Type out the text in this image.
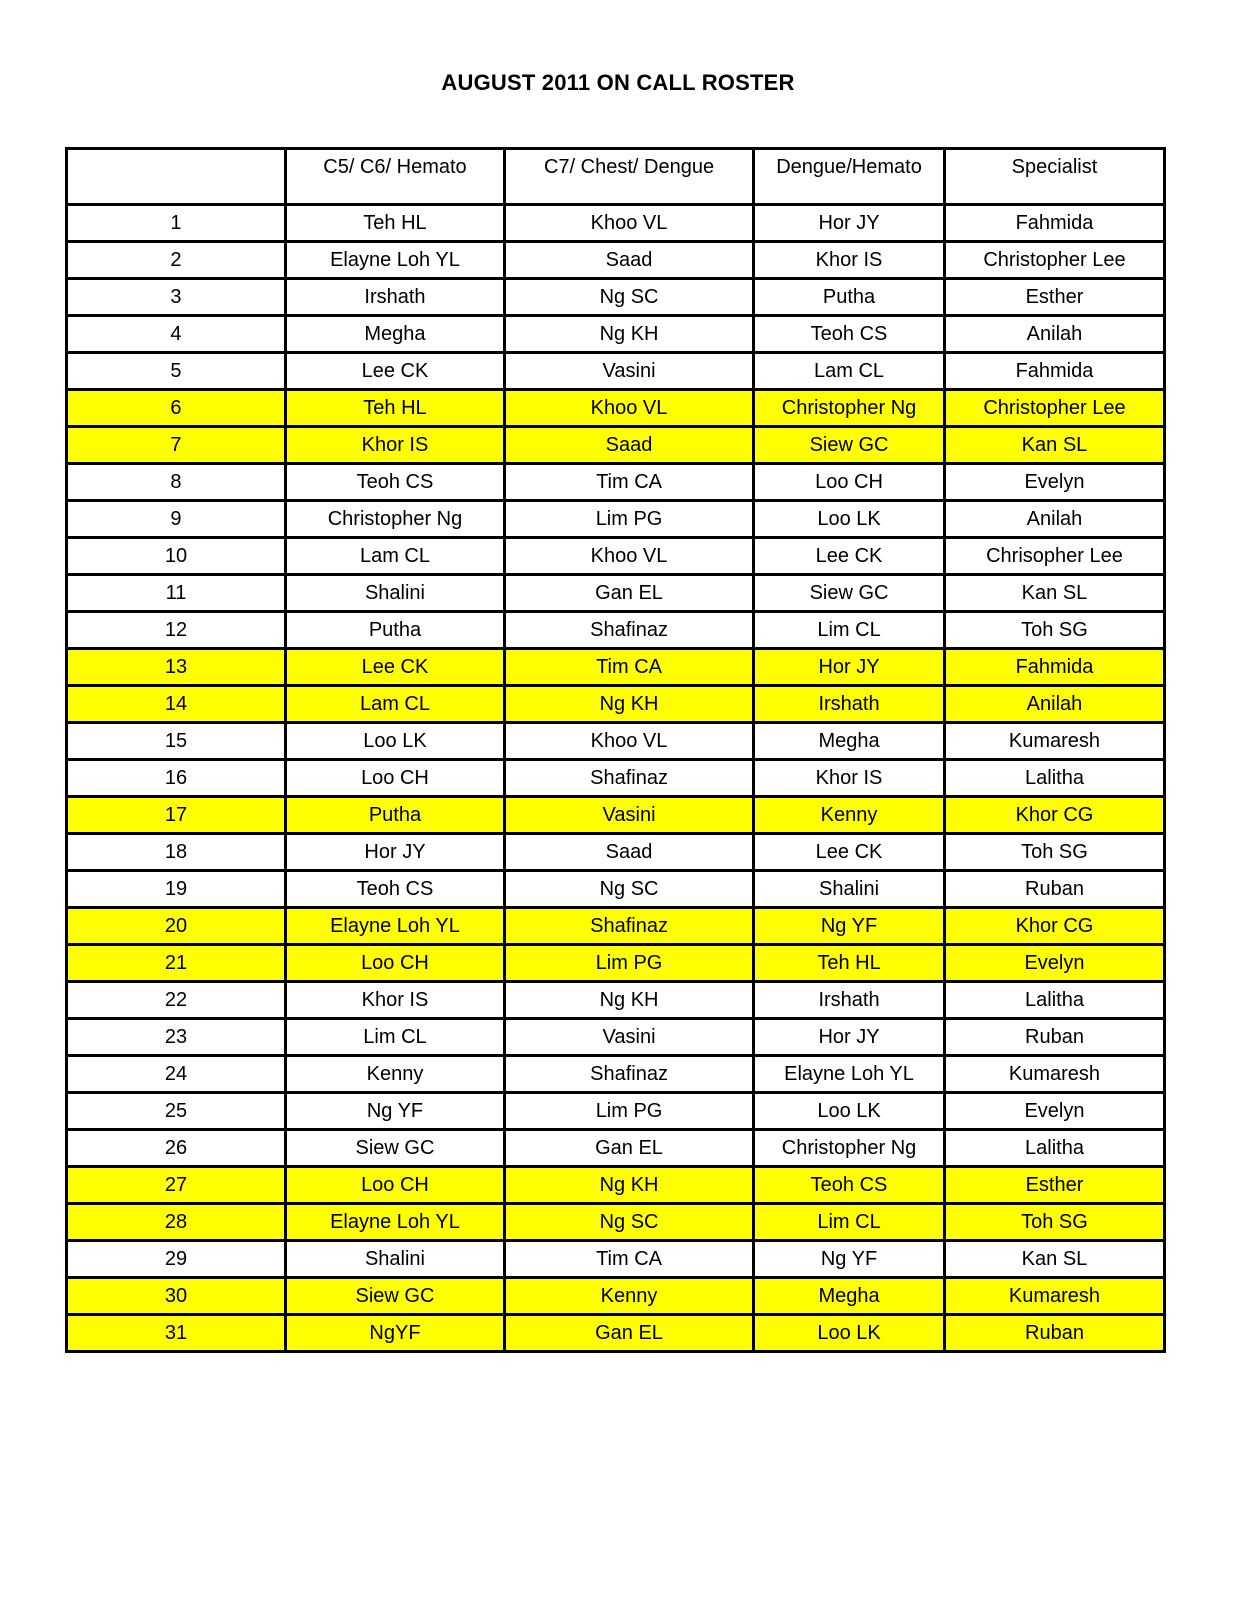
AUGUST 2011 ON CALL ROSTER
	C5/ C6/ Hemato	C7/ Chest/ Dengue	Dengue/Hemato	Specialist
1	Teh HL	Khoo VL	Hor JY	Fahmida
2	Elayne Loh YL	Saad	Khor IS	Christopher Lee
3	Irshath	Ng SC	Putha	Esther
4	Megha	Ng KH	Teoh CS	Anilah
5	Lee CK	Vasini	Lam CL	Fahmida
6	Teh HL	Khoo VL	Christopher Ng	Christopher Lee
7	Khor IS	Saad	Siew GC	Kan SL
8	Teoh CS	Tim CA	Loo CH	Evelyn
9	Christopher Ng	Lim PG	Loo LK	Anilah
10	Lam CL	Khoo VL	Lee CK	Chrisopher Lee
11	Shalini	Gan EL	Siew GC	Kan SL
12	Putha	Shafinaz	Lim CL	Toh SG
13	Lee CK	Tim CA	Hor JY	Fahmida
14	Lam CL	Ng KH	Irshath	Anilah
15	Loo LK	Khoo VL	Megha	Kumaresh
16	Loo CH	Shafinaz	Khor IS	Lalitha
17	Putha	Vasini	Kenny	Khor CG
18	Hor JY	Saad	Lee CK	Toh SG
19	Teoh CS	Ng SC	Shalini	Ruban
20	Elayne Loh YL	Shafinaz	Ng YF	Khor CG
21	Loo CH	Lim PG	Teh HL	Evelyn
22	Khor IS	Ng KH	Irshath	Lalitha
23	Lim CL	Vasini	Hor JY	Ruban
24	Kenny	Shafinaz	Elayne Loh YL	Kumaresh
25	Ng YF	Lim PG	Loo LK	Evelyn
26	Siew GC	Gan EL	Christopher Ng	Lalitha
27	Loo CH	Ng KH	Teoh CS	Esther
28	Elayne Loh YL	Ng SC	Lim CL	Toh SG
29	Shalini	Tim CA	Ng YF	Kan SL
30	Siew GC	Kenny	Megha	Kumaresh
31	NgYF	Gan EL	Loo LK	Ruban
